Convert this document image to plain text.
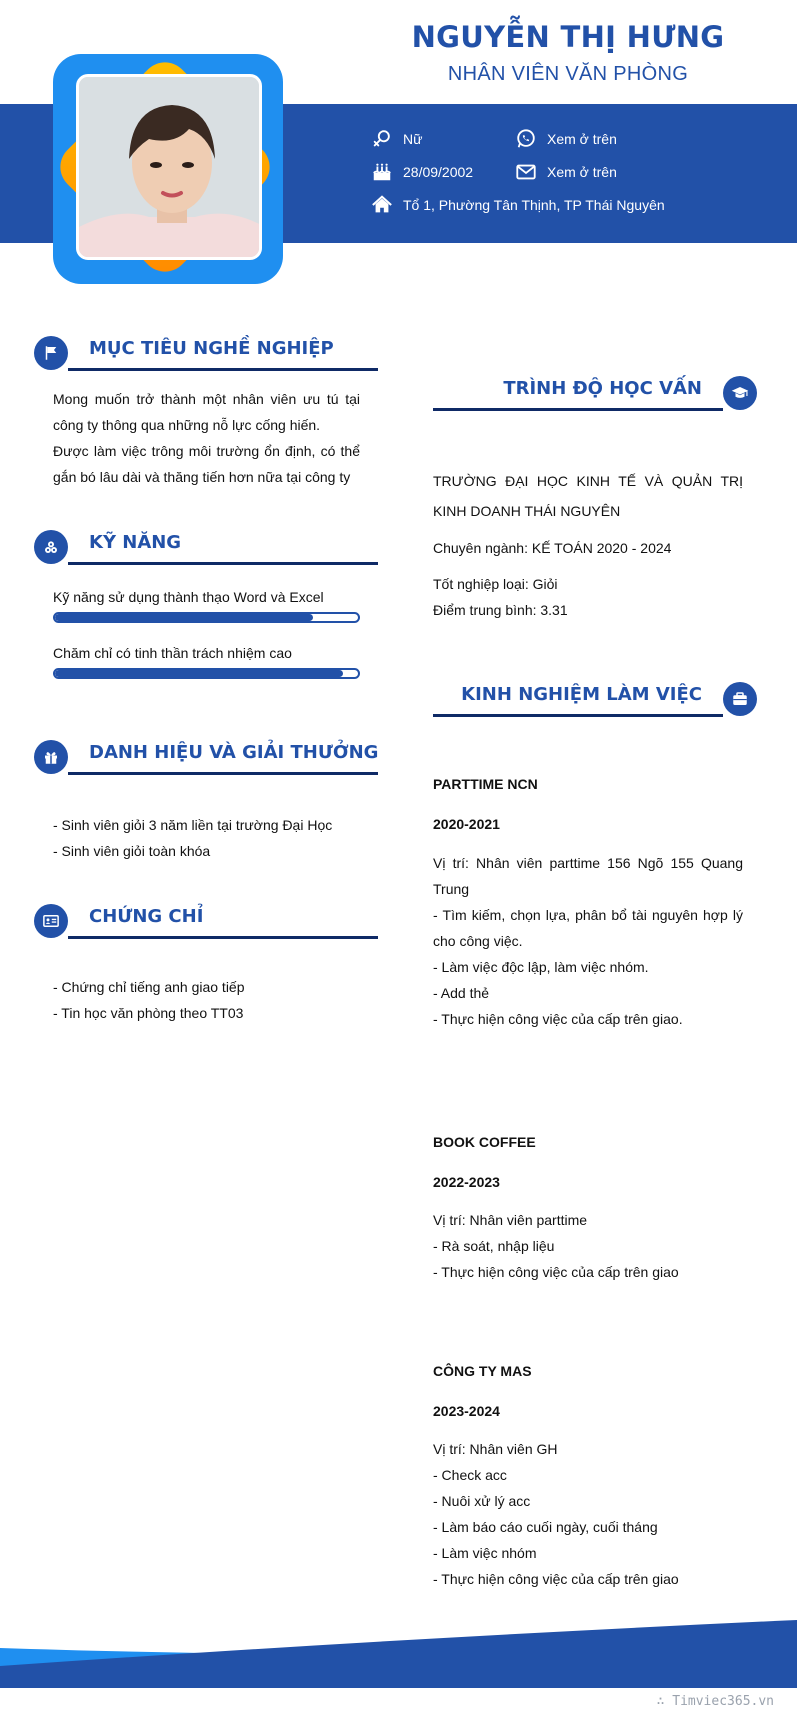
NGUYỄN THỊ HƯNG
NHÂN VIÊN VĂN PHÒNG
Nữ	Xem ở trên
28/09/2002	Xem ở trên
Tổ 1, Phường Tân Thịnh, TP Thái Nguyên
MỤC TIÊU NGHỀ NGHIỆP
Mong muốn trở thành một nhân viên ưu tú tại công ty thông qua những nỗ lực cống hiến.
Được làm việc trông môi trường ổn định, có thể gắn bó lâu dài và thăng tiến hơn nữa tại công ty
KỸ NĂNG
Kỹ năng sử dụng thành thạo Word và Excel
Chăm chỉ có tinh thần trách nhiệm cao
DANH HIỆU VÀ GIẢI THƯỞNG
- Sinh viên giỏi 3 năm liền tại trường Đại Học
- Sinh viên giỏi toàn khóa
CHỨNG CHỈ
- Chứng chỉ tiếng anh giao tiếp
- Tin học văn phòng theo TT03
TRÌNH ĐỘ HỌC VẤN
TRƯỜNG ĐẠI HỌC KINH TẾ VÀ QUẢN TRỊ KINH DOANH THÁI NGUYÊN
Chuyên ngành: KẾ TOÁN 2020 - 2024
Tốt nghiệp loại: Giỏi
Điểm trung bình: 3.31
KINH NGHIỆM LÀM VIỆC
PARTTIME NCN
2020-2021
Vị trí: Nhân viên parttime 156 Ngõ 155 Quang Trung
- Tìm kiếm, chọn lựa, phân bổ tài nguyên hợp lý cho công việc.
- Làm việc độc lập, làm việc nhóm.
- Add thẻ
- Thực hiện công việc của cấp trên giao.
BOOK COFFEE
2022-2023
Vị trí: Nhân viên parttime
- Rà soát, nhập liệu
- Thực hiện công việc của cấp trên giao
CÔNG TY MAS
2023-2024
Vị trí: Nhân viên GH
- Check acc
- Nuôi xử lý acc
- Làm báo cáo cuối ngày, cuối tháng
- Làm việc nhóm
- Thực hiện công việc của cấp trên giao
∴ Timviec365.vn
